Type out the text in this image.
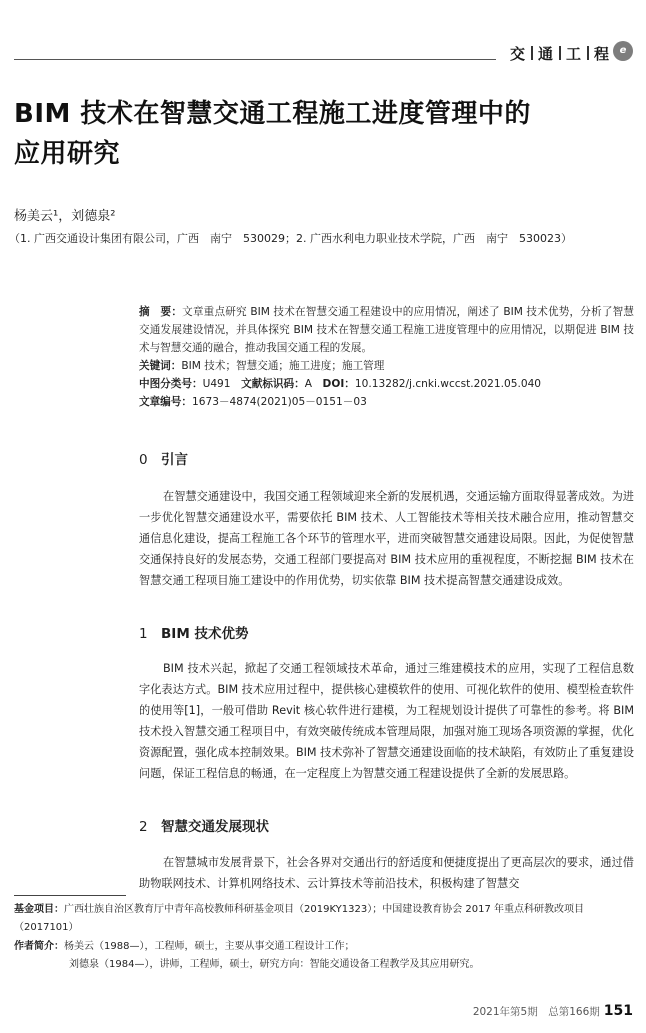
交 通 工 程 e
BIM 技术在智慧交通工程施工进度管理中的
应用研究
杨美云¹，刘德泉²
（1. 广西交通设计集团有限公司，广西　南宁　530029；2. 广西水利电力职业技术学院，广西　南宁　530023）

摘　要：文章重点研究 BIM 技术在智慧交通工程建设中的应用情况，阐述了 BIM 技术优势，分析了智慧交通发展建设情况，并具体探究 BIM 技术在智慧交通工程施工进度管理中的应用情况，以期促进 BIM 技术与智慧交通的融合，推动我国交通工程的发展。

关键词：BIM 技术；智慧交通；施工进度；施工管理

中图分类号：U491　 文献标识码：A　 DOI：10.13282/j.cnki.wccst.2021.05.040

文章编号：1673－4874(2021)05－0151－03

0 引言

在智慧交通建设中，我国交通工程领域迎来全新的发展机遇，交通运输方面取得显著成效。为进一步优化智慧交通建设水平，需要依托 BIM 技术、人工智能技术等相关技术融合应用，推动智慧交通信息化建设，提高工程施工各个环节的管理水平，进而突破智慧交通建设局限。因此，为促使智慧交通保持良好的发展态势，交通工程部门要提高对 BIM 技术应用的重视程度，不断挖掘 BIM 技术在智慧交通工程项目施工建设中的作用优势，切实依靠 BIM 技术提高智慧交通建设成效。

1 BIM 技术优势

BIM 技术兴起，掀起了交通工程领域技术革命，通过三维建模技术的应用，实现了工程信息数字化表达方式。BIM 技术应用过程中，提供核心建模软件的使用、可视化软件的使用、模型检查软件的使用等[1]，一般可借助 Revit 核心软件进行建模，为工程规划设计提供了可靠性的参考。将 BIM 技术投入智慧交通工程项目中，有效突破传统成本管理局限，加强对施工现场各项资源的掌握，优化资源配置，强化成本控制效果。BIM 技术弥补了智慧交通建设面临的技术缺陷，有效防止了重复建设问题，保证工程信息的畅通，在一定程度上为智慧交通工程建设提供了全新的发展思路。

2 智慧交通发展现状

在智慧城市发展背景下，社会各界对交通出行的舒适度和便捷度提出了更高层次的要求，通过借助物联网技术、计算机网络技术、云计算技术等前沿技术，积极构建了智慧交

基金项目：广西壮族自治区教育厅中青年高校教师科研基金项目（2019KY1323）；中国建设教育协会 2017 年重点科研教改项目（2017101）
作者简介：杨美云（1988—），工程师，硕士，主要从事交通工程设计工作；
刘德泉（1984—），讲师，工程师，硕士，研究方向：智能交通设备工程教学及其应用研究。
2021年第5期　总第166期 151
